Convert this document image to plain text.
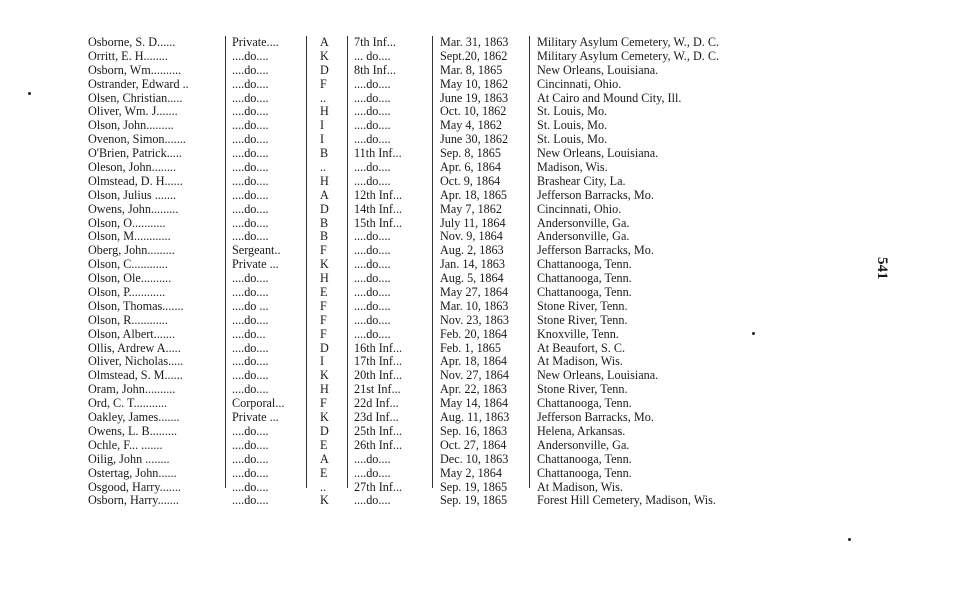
Osborne, S. D......	Private....	A 7th Inf...	Mar. 31, 1863 Military Asylum Cemetery, W., D. C.
Orritt, E. H........	....do....	K ... do....	Sept.20, 1862 Military Asylum Cemetery, W., D. C.
Osborn, Wm..........	....do....	D 8th Inf...	Mar. 8, 1865	New Orleans, Louisiana.
Ostrander, Edward ..	....do....	F ....do....	May 10, 1862 Cincinnati, Ohio.
Olsen, Christian.....	....do....	.. ....do....	June 19, 1863 At Cairo and Mound City, Ill.
Oliver, Wm. J.......	....do....	H ....do....	Oct. 10, 1862	St. Louis, Mo.
Olson, John.........	....do....	I ....do....	May 4, 1862	St. Louis, Mo.
Ovenon, Simon.......	....do....	I ....do....	June 30, 1862 St. Louis, Mo.
O'Brien, Patrick.....	....do....	B 11th Inf...	Sep. 8, 1865	New Orleans, Louisiana.
Oleson, John........	....do....	.. ....do....	Apr. 6, 1864	Madison, Wis.
Olmstead, D. H......	....do....	H ....do....	Oct. 9, 1864	Brashear City, La.
Olson, Julius .......	....do....	A 12th Inf...	Apr. 18, 1865 Jefferson Barracks, Mo.
Owens, John.........	....do....	D 14th Inf...	May 7, 1862	Cincinnati, Ohio.
Olson, O...........	....do....	B 15th Inf...	July 11, 1864	Andersonville, Ga.
Olson, M............	....do....	B ....do....	Nov. 9, 1864	Andersonville, Ga.
Oberg, John.........	Sergeant..	F ....do....	Aug. 2, 1863	Jefferson Barracks, Mo.
Olson, C............	Private ...	K ....do....	Jan. 14, 1863	Chattanooga, Tenn.
Olson, Ole..........	....do....	H ....do....	Aug. 5, 1864	Chattanooga, Tenn.
Olson, P............	....do....	E ....do....	May 27, 1864 Chattanooga, Tenn.
Olson, Thomas.......	....do ...	F ....do....	Mar. 10, 1863 Stone River, Tenn.
Olson, R............	....do....	F ....do....	Nov. 23, 1863 Stone River, Tenn.
Olson, Albert.......	....do...	F ....do....	Feb. 20, 1864 Knoxville, Tenn.
Ollis, Ardrew A.....	....do....	D 16th Inf...	Feb. 1, 1865	At Beaufort, S. C.
Oliver, Nicholas.....	....do....	I 17th Inf...	Apr. 18, 1864 At Madison, Wis.
Olmstead, S. M......	....do....	K 20th Inf...	Nov. 27, 1864 New Orleans, Louisiana.
Oram, John..........	....do....	H 21st Inf...	Apr. 22, 1863 Stone River, Tenn.
Ord, C. T...........	Corporal...	F 22d Inf...	May 14, 1864 Chattanooga, Tenn.
Oakley, James.......	Private ...	K 23d Inf...	Aug. 11, 1863 Jefferson Barracks, Mo.
Owens, L. B.........	....do....	D 25th Inf...	Sep. 16, 1863 Helena, Arkansas.
Ochle, F... .......	....do....	E 26th Inf...	Oct. 27, 1864	Andersonville, Ga.
Oilig, John ........	....do....	A ....do....	Dec. 10, 1863 Chattanooga, Tenn.
Ostertag, John......	....do....	E ....do....	May 2, 1864	Chattanooga, Tenn.
Osgood, Harry.......	....do....	.. 27th Inf...	Sep. 19, 1865 At Madison, Wis.
Osborn, Harry.......	....do....	K ....do....	Sep. 19, 1865 Forest Hill Cemetery, Madison, Wis.
541
